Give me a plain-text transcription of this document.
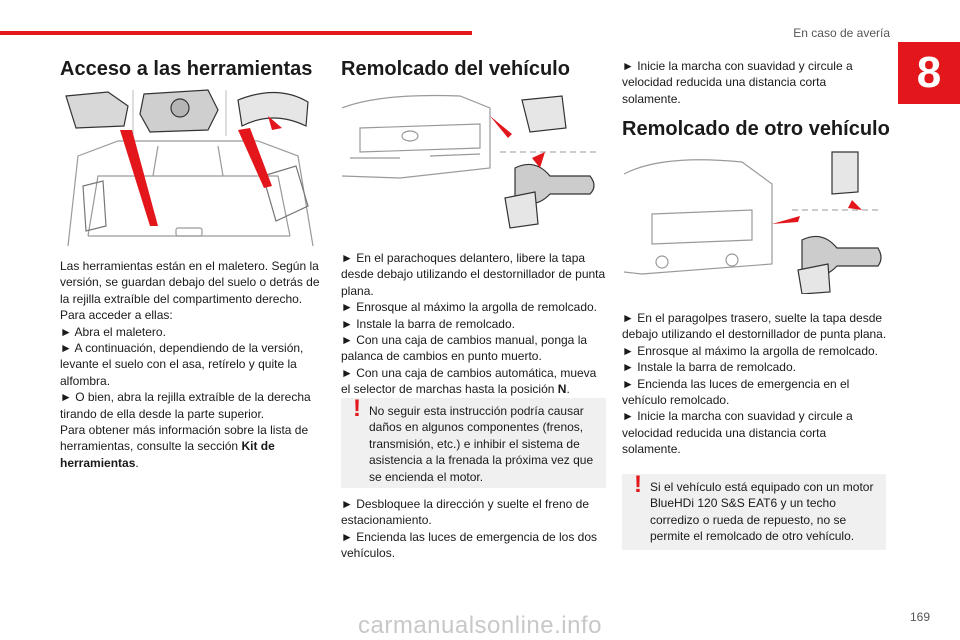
En caso de avería
8
Acceso a las herramientas

Las herramientas están en el maletero. Según la versión, se guardan debajo del suelo o detrás de la rejilla extraíble del compartimento derecho.

Para acceder a ellas:

► Abra el maletero.

► A continuación, dependiendo de la versión, levante el suelo con el asa, retírelo y quite la alfombra.

► O bien, abra la rejilla extraíble de la derecha tirando de ella desde la parte superior.

Para obtener más información sobre la lista de herramientas, consulte la sección Kit de herramientas.

Remolcado del vehículo

► En el parachoques delantero, libere la tapa desde debajo utilizando el destornillador de punta plana.

► Enrosque al máximo la argolla de remolcado.

► Instale la barra de remolcado.

► Con una caja de cambios manual, ponga la palanca de cambios en punto muerto.

► Con una caja de cambios automática, mueva el selector de marchas hasta la posición N.

! No seguir esta instrucción podría causar daños en algunos componentes (frenos, transmisión, etc.) e inhibir el sistema de asistencia a la frenada la próxima vez que se encienda el motor.

► Desbloquee la dirección y suelte el freno de estacionamiento.

► Encienda las luces de emergencia de los dos vehículos.

► Inicie la marcha con suavidad y circule a velocidad reducida una distancia corta solamente.

Remolcado de otro vehículo

► En el paragolpes trasero, suelte la tapa desde debajo utilizando el destornillador de punta plana.

► Enrosque al máximo la argolla de remolcado.

► Instale la barra de remolcado.

► Encienda las luces de emergencia en el vehículo remolcado.

► Inicie la marcha con suavidad y circule a velocidad reducida una distancia corta solamente.

! Si el vehículo está equipado con un motor BlueHDi 120 S&S EAT6 y un techo corredizo o rueda de repuesto, no se permite el remolcado de otro vehículo.
carmanualsonline.info	169
